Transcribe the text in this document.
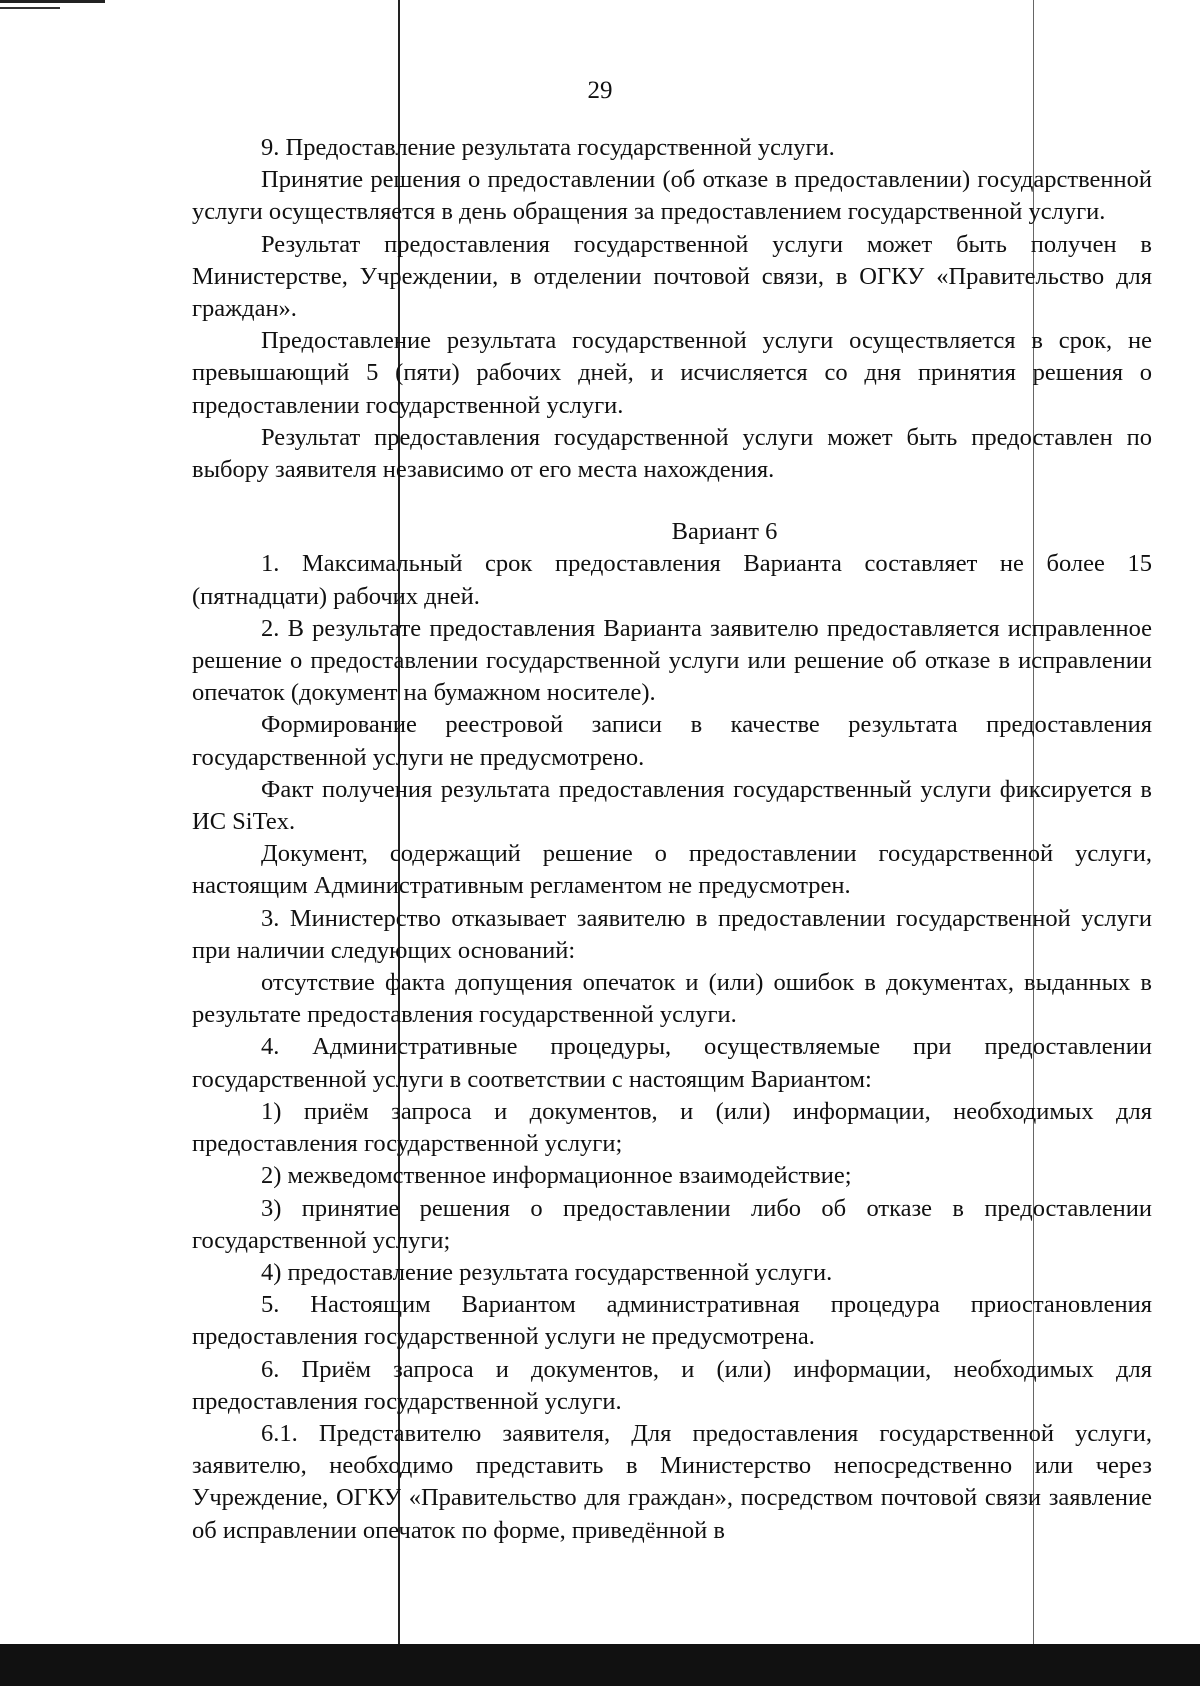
29

9. Предоставление результата государственной услуги.

Принятие решения о предоставлении (об отказе в предоставлении) государственной услуги осуществляется в день обращения за предоставлением государственной услуги.

Результат предоставления государственной услуги может быть получен в Министерстве, Учреждении, в отделении почтовой связи, в ОГКУ «Правительство для граждан».

Предоставление результата государственной услуги осуществляется в срок, не превышающий 5 (пяти) рабочих дней, и исчисляется со дня принятия решения о предоставлении государственной услуги.

Результат предоставления государственной услуги может быть предоставлен по выбору заявителя независимо от его места нахождения.

Вариант 6

1. Максимальный срок предоставления Варианта составляет не более 15 (пятнадцати) рабочих дней.

2. В результате предоставления Варианта заявителю предоставляется исправленное решение о предоставлении государственной услуги или решение об отказе в исправлении опечаток (документ на бумажном носителе).

Формирование реестровой записи в качестве результата предоставления государственной услуги не предусмотрено.

Факт получения результата предоставления государственный услуги фиксируется в ИС SiTex.

Документ, содержащий решение о предоставлении государственной услуги, настоящим Административным регламентом не предусмотрен.

3. Министерство отказывает заявителю в предоставлении государственной услуги при наличии следующих оснований:

отсутствие факта допущения опечаток и (или) ошибок в документах, выданных в результате предоставления государственной услуги.

4. Административные процедуры, осуществляемые при предоставлении государственной услуги в соответствии с настоящим Вариантом:

1) приём запроса и документов, и (или) информации, необходимых для предоставления государственной услуги;

2) межведомственное информационное взаимодействие;

3) принятие решения о предоставлении либо об отказе в предоставлении государственной услуги;

4) предоставление результата государственной услуги.

5. Настоящим Вариантом административная процедура приостановления предоставления государственной услуги не предусмотрена.

6. Приём запроса и документов, и (или) информации, необходимых для предоставления государственной услуги.

6.1. Представителю заявителя, Для предоставления государственной услуги, заявителю, необходимо представить в Министерство непосредственно или через Учреждение, ОГКУ «Правительство для граждан», посредством почтовой связи заявление об исправлении опечаток по форме, приведённой в
